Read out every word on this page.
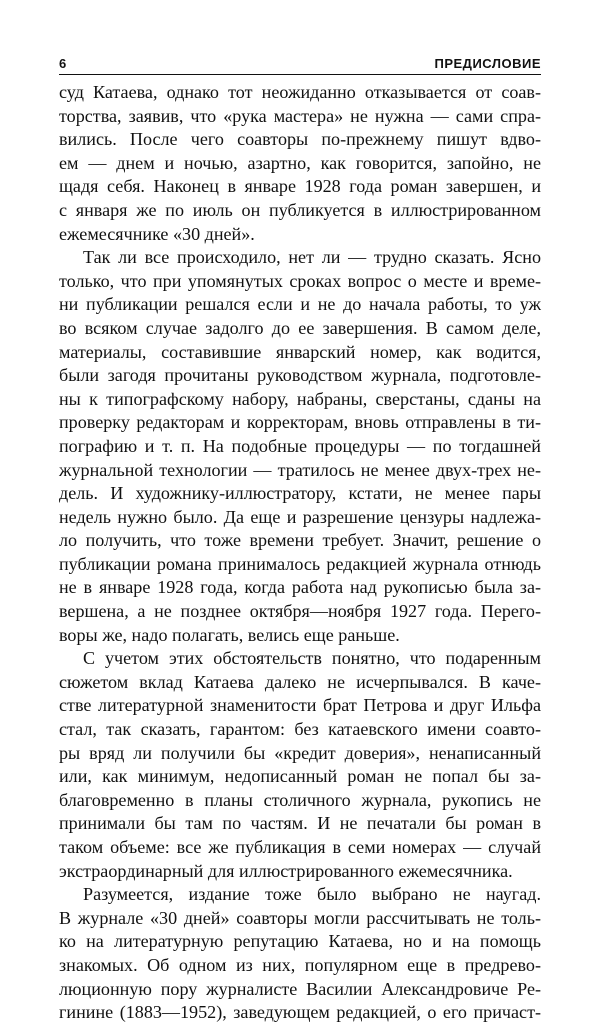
6	ПРЕДИСЛОВИЕ
суд Катаева, однако тот неожиданно отказывается от соав-
торства, заявив, что «рука мастера» не нужна — сами спра-
вились. После чего соавторы по-прежнему пишут вдво-
ем — днем и ночью, азартно, как говорится, запойно, не
щадя себя. Наконец в январе 1928 года роман завершен, и
с января же по июль он публикуется в иллюстрированном
ежемесячнике «30 дней».
Так ли все происходило, нет ли — трудно сказать. Ясно
только, что при упомянутых сроках вопрос о месте и време-
ни публикации решался если и не до начала работы, то уж
во всяком случае задолго до ее завершения. В самом деле,
материалы, составившие январский номер, как водится,
были загодя прочитаны руководством журнала, подготовле-
ны к типографскому набору, набраны, сверстаны, сданы на
проверку редакторам и корректорам, вновь отправлены в ти-
пографию и т. п. На подобные процедуры — по тогдашней
журнальной технологии — тратилось не менее двух-трех не-
дель. И художнику-иллюстратору, кстати, не менее пары
недель нужно было. Да еще и разрешение цензуры надлежа-
ло получить, что тоже времени требует. Значит, решение о
публикации романа принималось редакцией журнала отнюдь
не в январе 1928 года, когда работа над рукописью была за-
вершена, а не позднее октября—ноября 1927 года. Перего-
воры же, надо полагать, велись еще раньше.
С учетом этих обстоятельств понятно, что подаренным
сюжетом вклад Катаева далеко не исчерпывался. В каче-
стве литературной знаменитости брат Петрова и друг Ильфа
стал, так сказать, гарантом: без катаевского имени соавто-
ры вряд ли получили бы «кредит доверия», ненаписанный
или, как минимум, недописанный роман не попал бы за-
благовременно в планы столичного журнала, рукопись не
принимали бы там по частям. И не печатали бы роман в
таком объеме: все же публикация в семи номерах — случай
экстраординарный для иллюстрированного ежемесячника.
Разумеется, издание тоже было выбрано не наугад.
В журнале «30 дней» соавторы могли рассчитывать не толь-
ко на литературную репутацию Катаева, но и на помощь
знакомых. Об одном из них, популярном еще в предрево-
люционную пору журналисте Василии Александровиче Ре-
гинине (1883—1952), заведующем редакцией, о его причаст-
